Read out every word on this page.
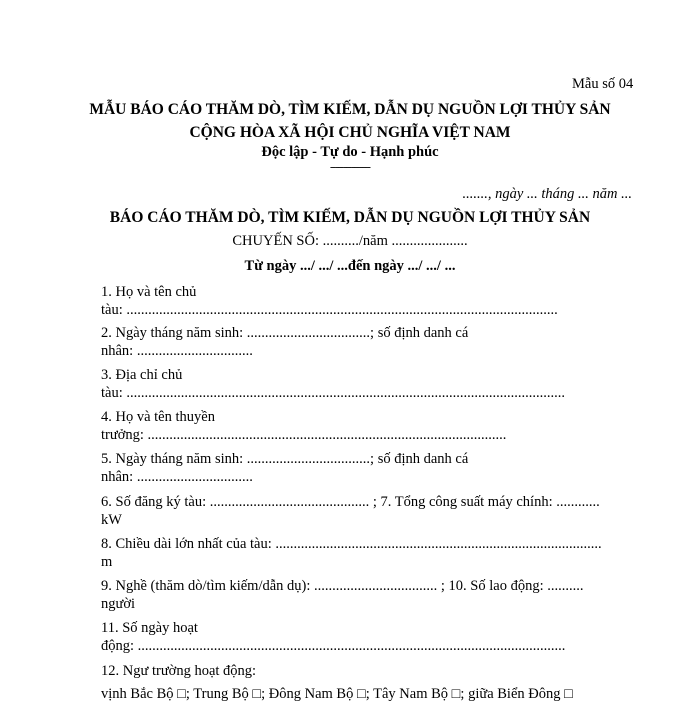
Mẫu số 04
MẪU BÁO CÁO THĂM DÒ, TÌM KIẾM, DẪN DỤ NGUỒN LỢI THỦY SẢN
CỘNG HÒA XÃ HỘI CHỦ NGHĨA VIỆT NAM
Độc lập - Tự do - Hạnh phúc
---------------
......., ngày ... tháng ... năm ...
BÁO CÁO THĂM DÒ, TÌM KIẾM, DẪN DỤ NGUỒN LỢI THỦY SẢN
CHUYẾN SỐ: ........../năm .....................
Từ ngày .../ .../ ...đến ngày .../ .../ ...
1. Họ và tên chủ
tàu: .......................................................................................................................
2. Ngày tháng năm sinh: ..................................; số định danh cá
nhân: ................................
3. Địa chỉ chủ
tàu: .........................................................................................................................
4. Họ và tên thuyền
trưởng: ...................................................................................................
5. Ngày tháng năm sinh: ..................................; số định danh cá
nhân: ................................
6. Số đăng ký tàu: ............................................ ; 7. Tổng công suất máy chính: ............
kW
8. Chiều dài lớn nhất của tàu: ..........................................................................................
m
9. Nghề (thăm dò/tìm kiếm/dẫn dụ): .................................. ; 10. Số lao động: ..........
người
11. Số ngày hoạt
động: ......................................................................................................................
12. Ngư trường hoạt động:
vịnh Bắc Bộ □; Trung Bộ □; Đông Nam Bộ □; Tây Nam Bộ □; giữa Biển Đông □
